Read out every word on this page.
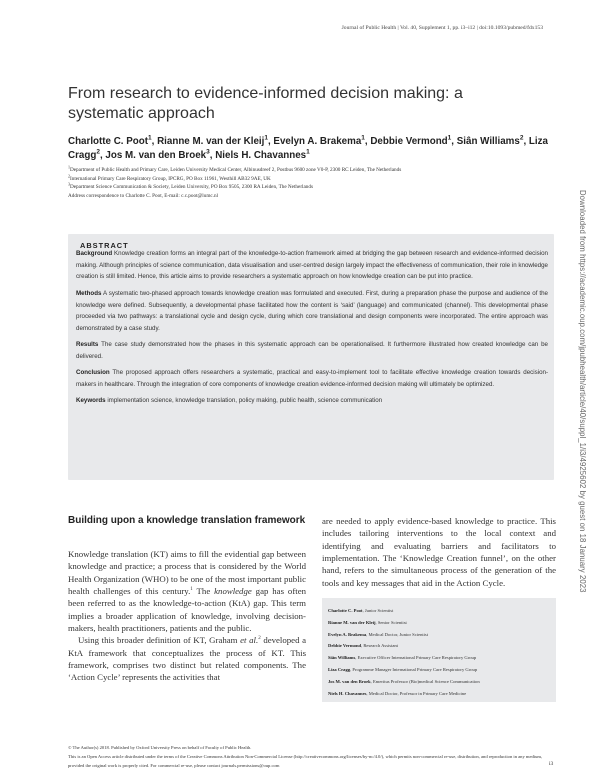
Journal of Public Health | Vol. 40, Supplement 1, pp. i3–i12 | doi:10.1093/pubmed/fdx153
From research to evidence-informed decision making: a systematic approach
Charlotte C. Poot$^1$, Rianne M. van der Kleij$^1$, Evelyn A. Brakema$^1$, Debbie Vermond$^1$, Siân Williams$^2$, Liza Cragg$^2$, Jos M. van den Broek$^3$, Niels H. Chavannes$^1$
$^1$Department of Public Health and Primary Care, Leiden University Medical Center, Albinusdreef 2, Postbus 9600 zone V0-P, 2300 RC Leiden, The Netherlands
$^2$International Primary Care Respiratory Group, IPCRG, PO Box 11961, Westhill AB32 9AE, UK
$^3$Department Science Communication & Society, Leiden University, PO Box 9505, 2300 RA Leiden, The Netherlands
Address correspondence to Charlotte C. Poot, E-mail: c.c.poot@lumc.nl
ABSTRACT
Background Knowledge creation forms an integral part of the knowledge-to-action framework aimed at bridging the gap between research and evidence-informed decision making. Although principles of science communication, data visualisation and user-centred design largely impact the effectiveness of communication, their role in knowledge creation is still limited. Hence, this article aims to provide researchers a systematic approach on how knowledge creation can be put into practice.
Methods A systematic two-phased approach towards knowledge creation was formulated and executed. First, during a preparation phase the purpose and audience of the knowledge were defined. Subsequently, a developmental phase facilitated how the content is ‘said’ (language) and communicated (channel). This developmental phase proceeded via two pathways: a translational cycle and design cycle, during which core translational and design components were incorporated. The entire approach was demonstrated by a case study.
Results The case study demonstrated how the phases in this systematic approach can be operationalised. It furthermore illustrated how created knowledge can be delivered.
Conclusion The proposed approach offers researchers a systematic, practical and easy-to-implement tool to facilitate effective knowledge creation towards decision-makers in healthcare. Through the integration of core components of knowledge creation evidence-informed decision making will ultimately be optimized.
Keywords implementation science, knowledge translation, policy making, public health, science communication
Building upon a knowledge translation framework

Knowledge translation (KT) aims to fill the evidential gap between knowledge and practice; a process that is considered by the World Health Organization (WHO) to be one of the most important public health challenges of this century.$^1$ The knowledge gap has often been referred to as the knowledge-to-action (KtA) gap. This term implies a broader application of knowledge, involving decision-makers, health practitioners, patients and the public.

Using this broader definition of KT, Graham et al.$^2$ developed a KtA framework that conceptualizes the process of KT. This framework, comprises two distinct but related components. The ‘Action Cycle’ represents the activities that

are needed to apply evidence-based knowledge to practice. This includes tailoring interventions to the local context and identifying and evaluating barriers and facilitators to implementation. The ‘Knowledge Creation funnel’, on the other hand, refers to the simultaneous process of the generation of the tools and key messages that aid in the Action Cycle.

Charlotte C. Poot, Junior Scientist
Rianne M. van der Kleij, Senior Scientist
Evelyn A. Brakema, Medical Doctor, Junior Scientist
Debbie Vermond, Research Assistant
Siân Williams, Executive Officer International Primary Care Respiratory Group
Liza Cragg, Programme Manager International Primary Care Respiratory Group
Jos M. van den Broek, Emeritus Professor (Bio)medical Science Communication
Niels H. Chavannes, Medical Doctor, Professor in Primary Care Medicine
© The Author(s) 2018. Published by Oxford University Press on behalf of Faculty of Public Health.
This is an Open Access article distributed under the terms of the Creative Commons Attribution Non-Commercial License (http://creativecommons.org/licenses/by-nc/4.0/), which permits non-commercial re-use, distribution, and reproduction in any medium, provided the original work is properly cited. For commercial re-use, please contact journals.permissions@oup.com	i3
Downloaded from https://academic.oup.com/jpubhealth/article/40/suppl_1/i3/4925602 by guest on 18 January 2023
